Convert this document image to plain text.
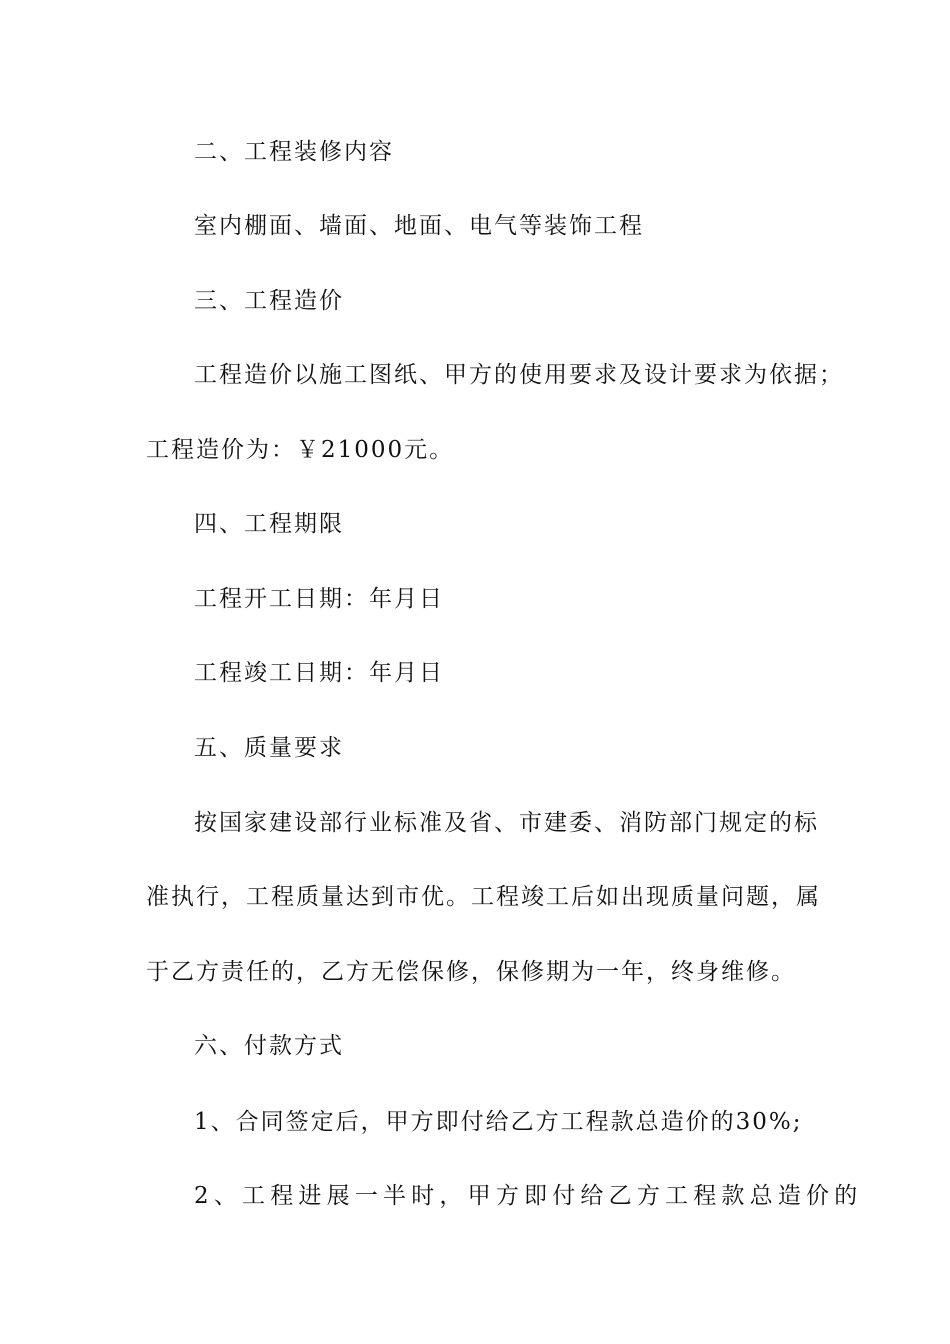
二、工程装修内容
室内棚面、墙面、地面、电气等装饰工程
三、工程造价
工程造价以施工图纸、甲方的使用要求及设计要求为依据；
工程造价为：￥21000元。
四、工程期限
工程开工日期：年月日
工程竣工日期：年月日
五、质量要求
按国家建设部行业标准及省、市建委、消防部门规定的标
准执行，工程质量达到市优。工程竣工后如出现质量问题，属
于乙方责任的，乙方无偿保修，保修期为一年，终身维修。
六、付款方式
1、合同签定后，甲方即付给乙方工程款总造价的30%;
2、工程进展一半时，甲方即付给乙方工程款总造价的
